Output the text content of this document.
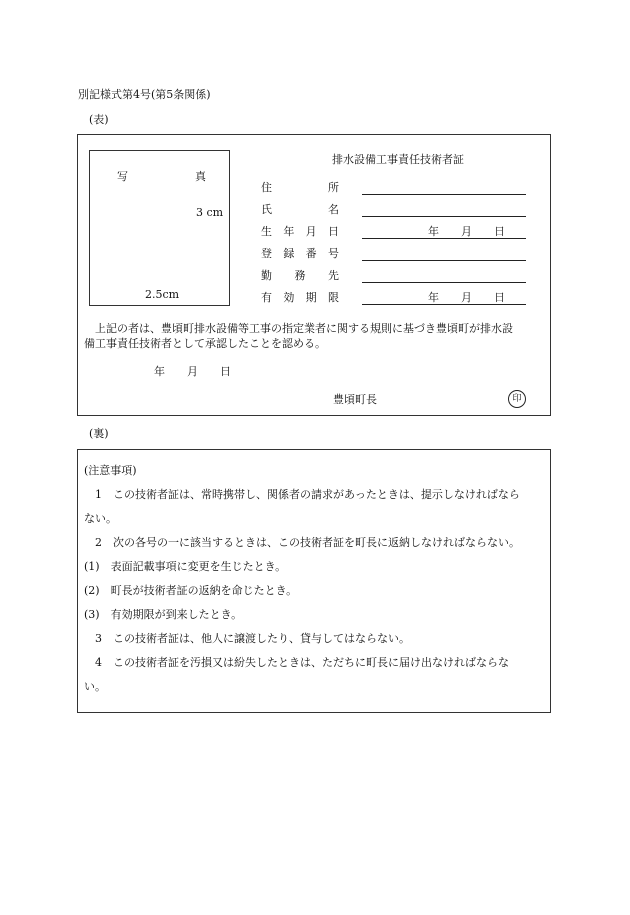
別記様式第4号(第5条関係)
(表)
写	真
3 cm
2.5cm
排水設備工事責任技術者証
住	所
氏	名
生 年 月 日	年　　月　　日
登 録 番 号
勤 務 先
有 効 期 限	年　　月　　日
上記の者は、豊頃町排水設備等工事の指定業者に関する規則に基づき豊頃町が排水設
備工事責任技術者として承認したことを認める。
年　　月　　日
豊頃町長	印
(裏)

(注意事項)

1　この技術者証は、常時携帯し、関係者の請求があったときは、提示しなければなら

ない。

2　次の各号の一に該当するときは、この技術者証を町長に返納しなければならない。

(1)　表面記載事項に変更を生じたとき。

(2)　町長が技術者証の返納を命じたとき。

(3)　有効期限が到来したとき。

3　この技術者証は、他人に譲渡したり、貸与してはならない。

4　この技術者証を汚損又は紛失したときは、ただちに町長に届け出なければならな

い。
